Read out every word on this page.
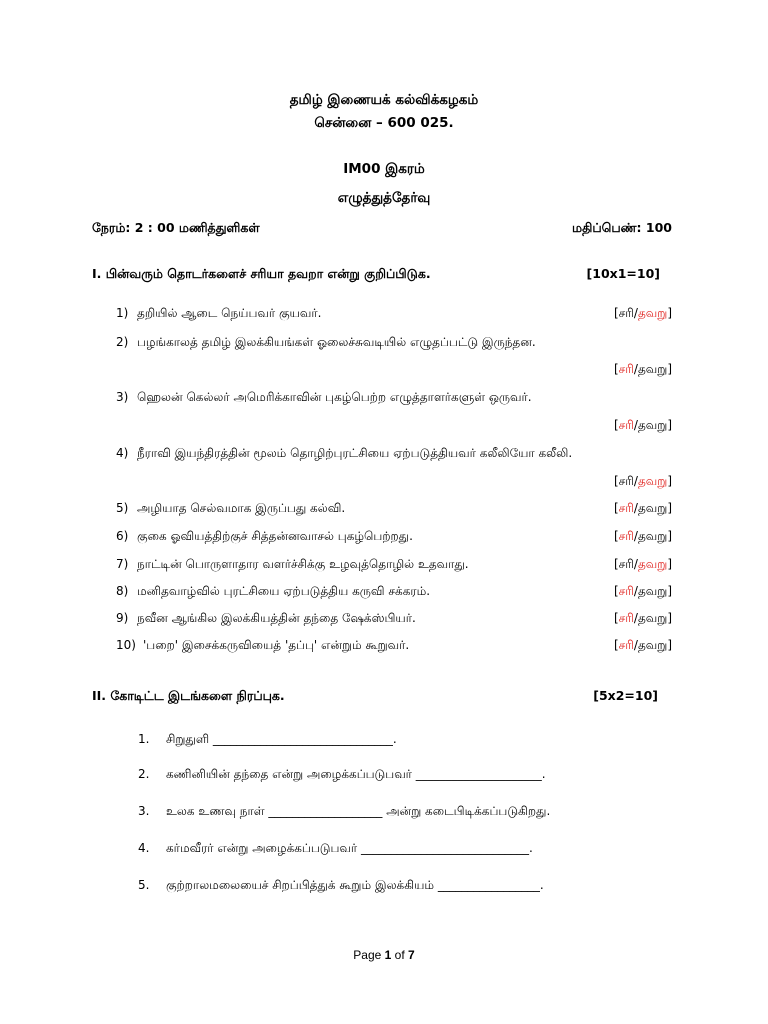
தமிழ் இணையக் கல்விக்கழகம்
சென்னை – 600 025.
IM00 இகரம்
எழுத்துத்தேர்வு
நேரம்: 2 : 00 மணித்துளிகள்	மதிப்பெண்: 100
I. பின்வரும் தொடர்களைச் சரியா தவறா என்று குறிப்பிடுக.	[10x1=10]
1) தறியில் ஆடை நெய்பவர் குயவர்.	[சரி/தவறு]
2) பழங்காலத் தமிழ் இலக்கியங்கள் ஓலைச்சுவடியில் எழுதப்பட்டு இருந்தன.
[சரி/தவறு]
3) ஹெலன் கெல்லர் அமெரிக்காவின் புகழ்பெற்ற எழுத்தாளர்களுள் ஒருவர்.
[சரி/தவறு]
4) நீராவி இயந்திரத்தின் மூலம் தொழிற்புரட்சியை ஏற்படுத்தியவர் கலீலியோ கலீலி.
[சரி/தவறு]
5) அழியாத செல்வமாக இருப்பது கல்வி.	[சரி/தவறு]
6) குகை ஓவியத்திற்குச் சித்தன்னவாசல் புகழ்பெற்றது.	[சரி/தவறு]
7) நாட்டின் பொருளாதார வளர்ச்சிக்கு உழவுத்தொழில் உதவாது.	[சரி/தவறு]
8) மனிதவாழ்வில் புரட்சியை ஏற்படுத்திய கருவி சக்கரம்.	[சரி/தவறு]
9) நவீன ஆங்கில இலக்கியத்தின் தந்தை ஷேக்ஸ்பியர்.	[சரி/தவறு]
10) 'பறை' இசைக்கருவியைத் 'தப்பு' என்றும் கூறுவர்.	[சரி/தவறு]
II. கோடிட்ட இடங்களை நிரப்புக.	[5x2=10]
1. சிறுதுளி ______________________________.
2. கணினியின் தந்தை என்று அழைக்கப்படுபவர் _____________________.
3. உலக உணவு நாள் ___________________ அன்று கடைபிடிக்கப்படுகிறது.
4. கர்மவீரர் என்று அழைக்கப்படுபவர் ____________________________.
5. குற்றாலமலையைச் சிறப்பித்துக் கூறும் இலக்கியம் _________________.
Page 1 of 7
